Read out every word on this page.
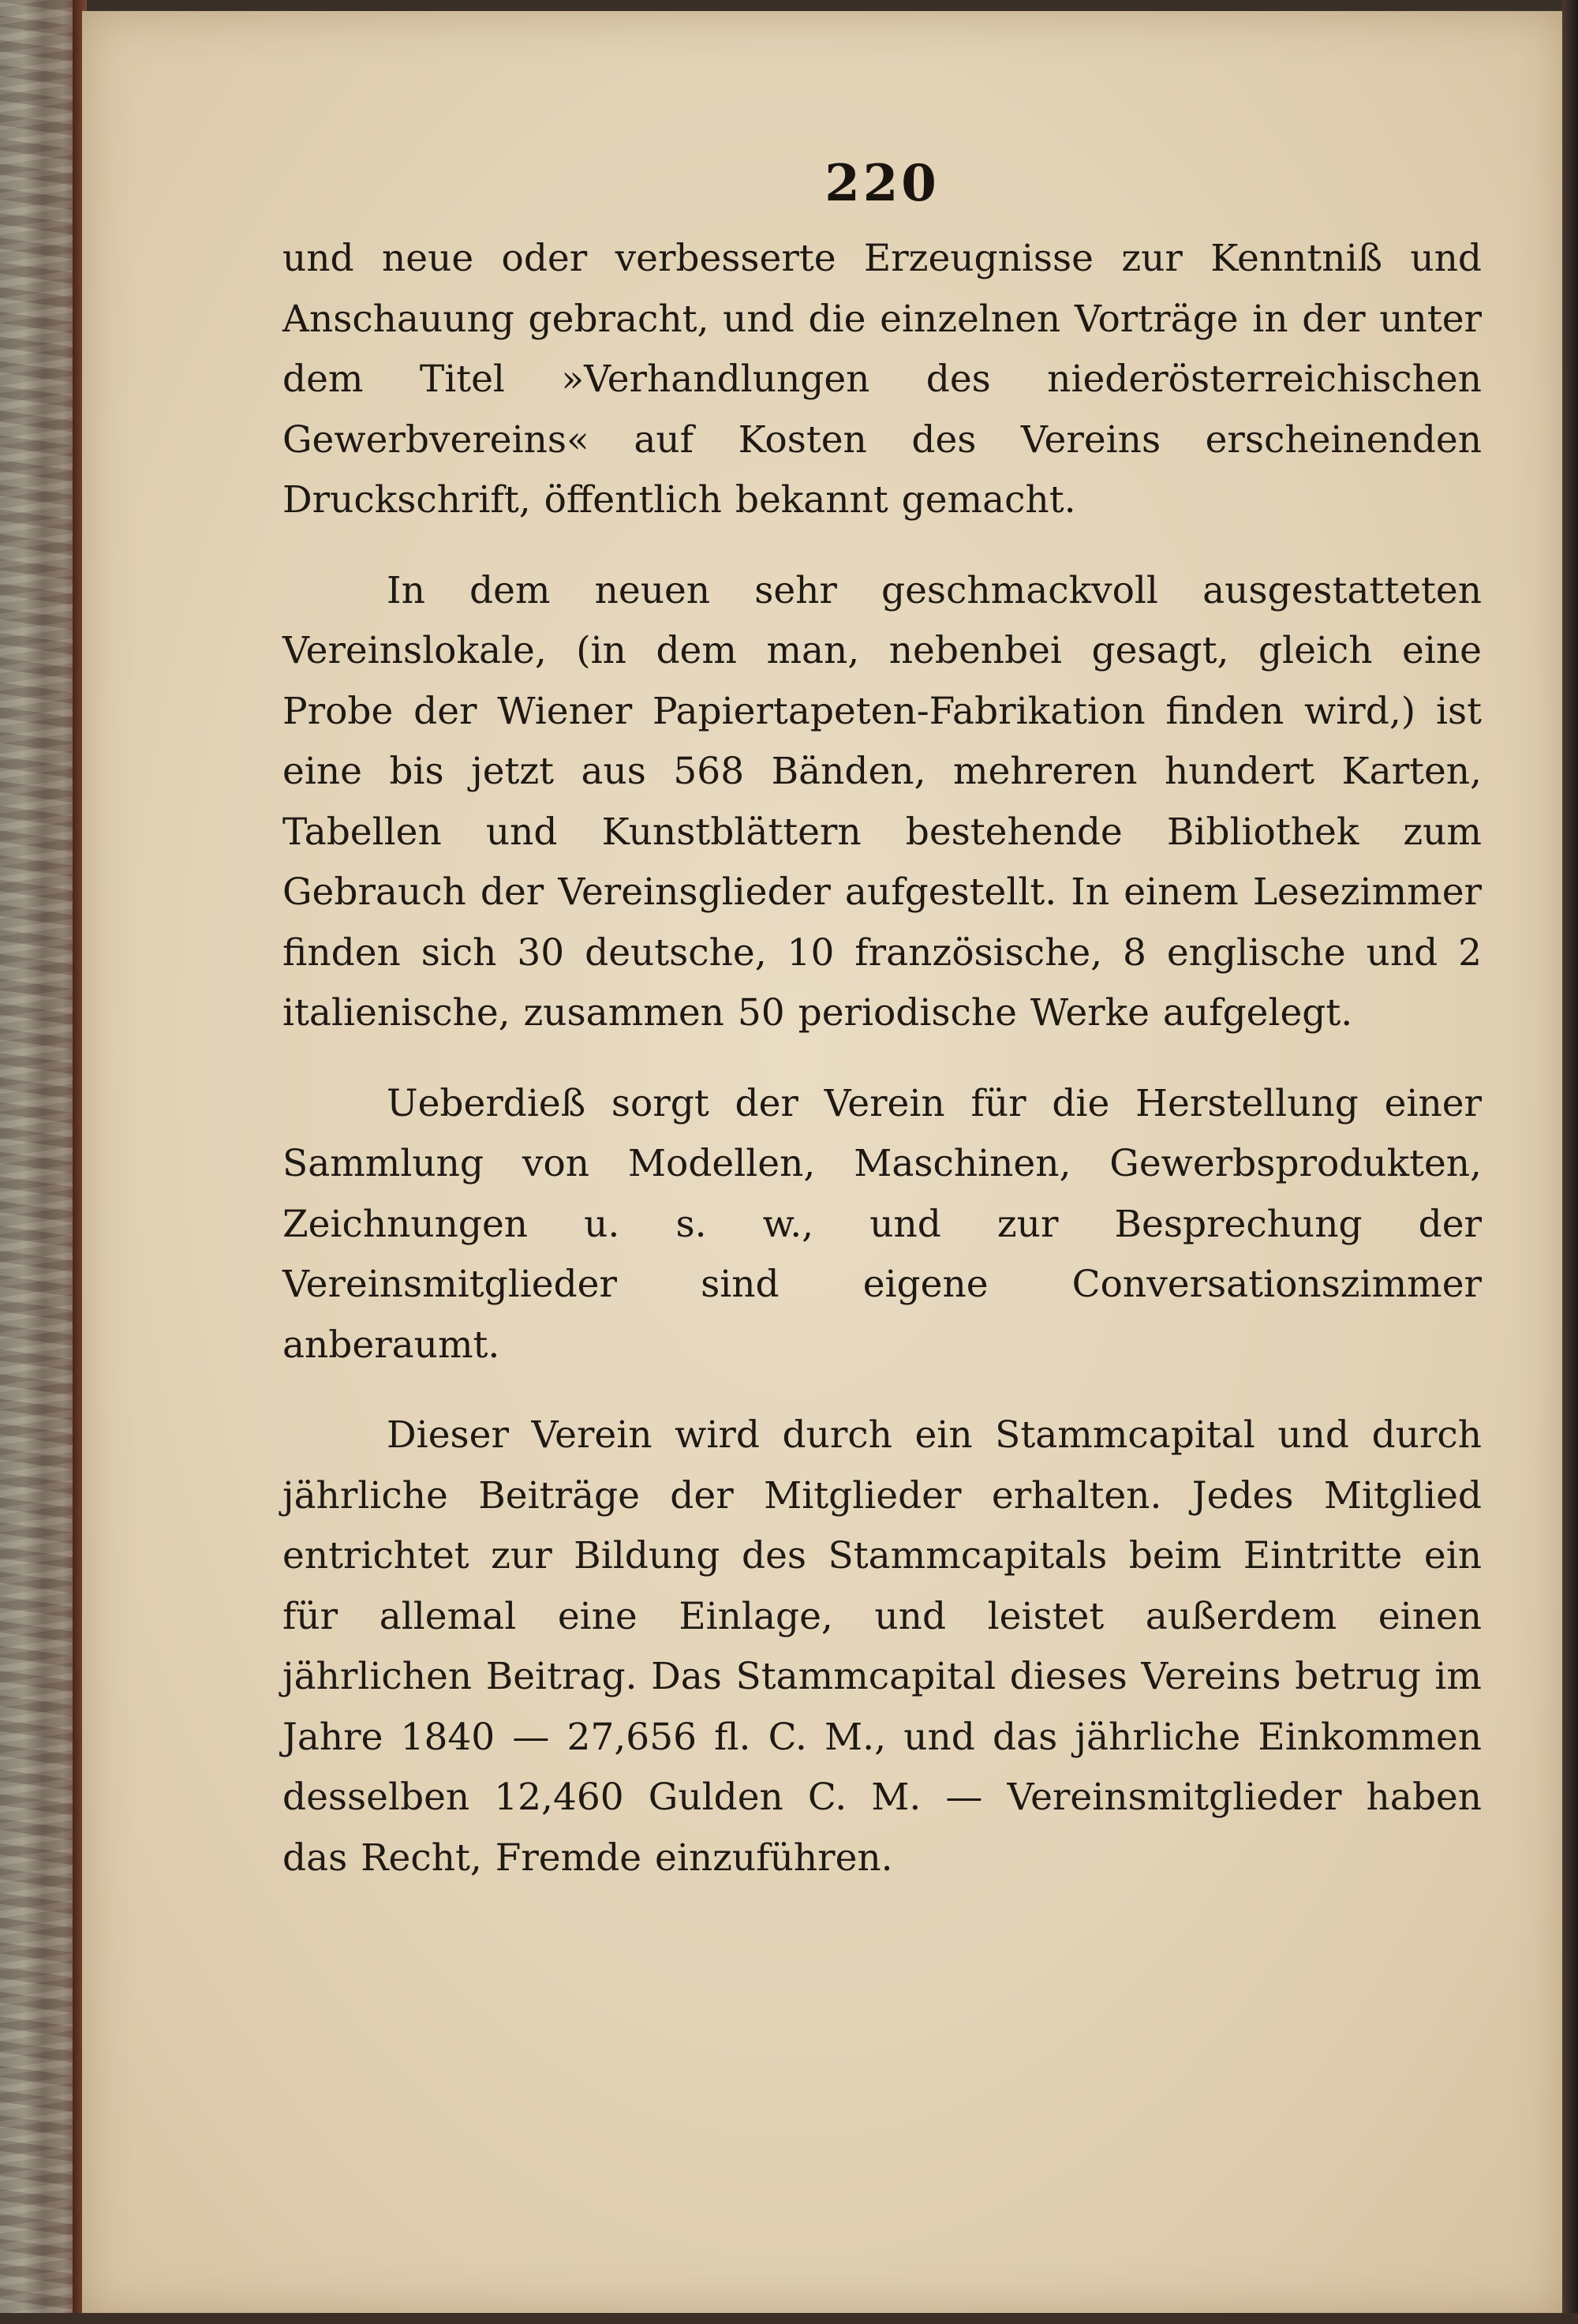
220

und neue oder verbesserte Erzeugnisse zur Kenntniß und Anschauung gebracht, und die einzelnen Vorträge in der unter dem Titel »Verhandlungen des niederösterreichischen Gewerbvereins« auf Kosten des Vereins erscheinenden Druckschrift, öffentlich bekannt gemacht.

In dem neuen sehr geschmackvoll ausgestatteten Vereinslokale, (in dem man, nebenbei gesagt, gleich eine Probe der Wiener Papiertapeten-Fabrikation finden wird,) ist eine bis jetzt aus 568 Bänden, mehreren hundert Karten, Tabellen und Kunstblättern bestehende Bibliothek zum Gebrauch der Vereinsglieder aufgestellt. In einem Lesezimmer finden sich 30 deutsche, 10 französische, 8 englische und 2 italienische, zusammen 50 periodische Werke aufgelegt.

Ueberdieß sorgt der Verein für die Herstellung einer Sammlung von Modellen, Maschinen, Gewerbsprodukten, Zeichnungen u. s. w., und zur Besprechung der Vereinsmitglieder sind eigene Conversationszimmer anberaumt.

Dieser Verein wird durch ein Stammcapital und durch jährliche Beiträge der Mitglieder erhalten. Jedes Mitglied entrichtet zur Bildung des Stammcapitals beim Eintritte ein für allemal eine Einlage, und leistet außerdem einen jährlichen Beitrag. Das Stammcapital dieses Vereins betrug im Jahre 1840 — 27,656 fl. C. M., und das jährliche Einkommen desselben 12,460 Gulden C. M. — Vereinsmitglieder haben das Recht, Fremde einzuführen.
